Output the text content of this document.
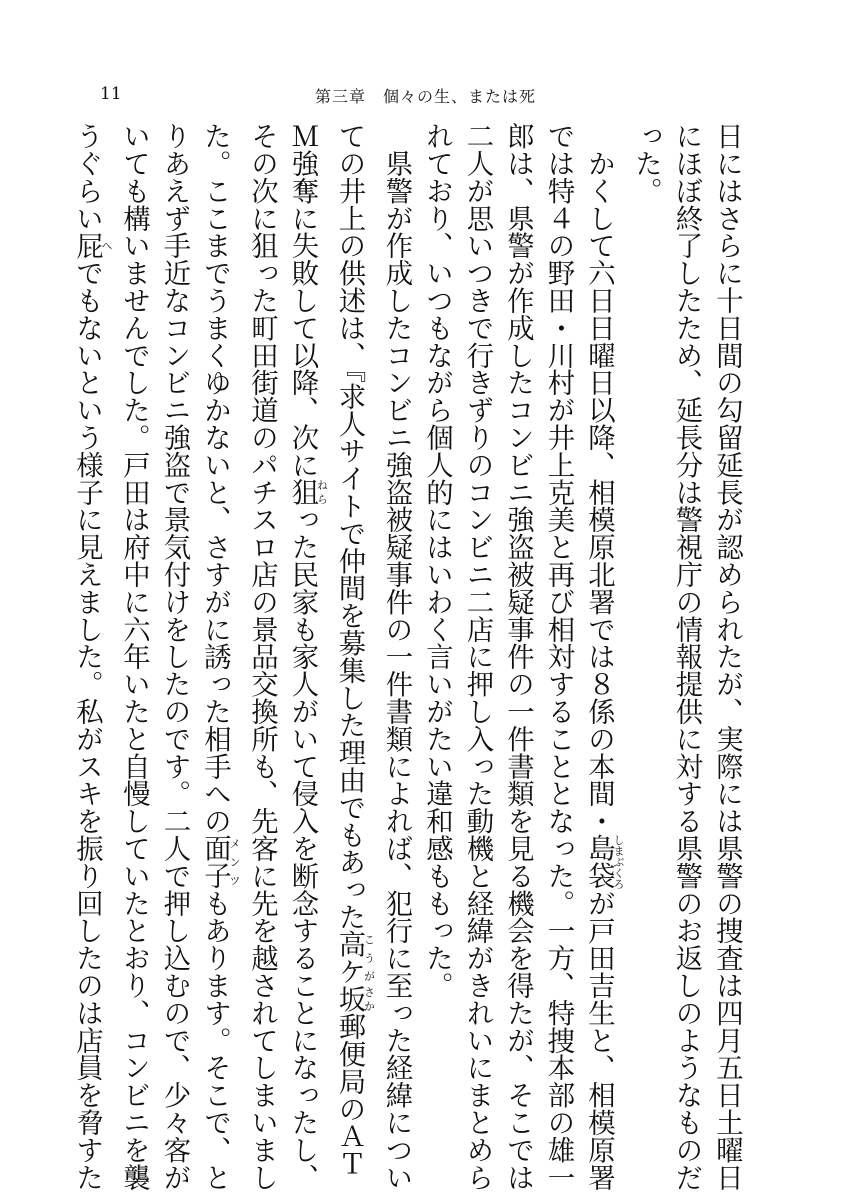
11	第三章　個々の生、または死
日にはさらに十日間の勾留延長が認められたが、実際には県警の捜査は四月五日土曜日
にほぼ終了したため、延長分は警視庁の情報提供に対する県警のお返しのようなものだ
った。
　かくして六日日曜日以降、相模原北署では８係の本間・島袋しまぶくろが戸田吉生と、相模原署
では特４の野田・川村が井上克美と再び相対することとなった。一方、特捜本部の雄一
郎は、県警が作成したコンビニ強盗被疑事件の一件書類を見る機会を得たが、そこでは
二人が思いつきで行きずりのコンビニ二店に押し入った動機と経緯がきれいにまとめら
れており、いつもながら個人的にはいわく言いがたい違和感ももった。
　県警が作成したコンビニ強盗被疑事件の一件書類によれば、犯行に至った経緯につい
ての井上の供述は、『求人サイトで仲間を募集した理由でもあった高ケこうが坂さか郵便局のＡＴ
Ｍ強奪に失敗して以降、次に狙ねらった民家も家人がいて侵入を断念することになったし、
その次に狙った町田街道のパチスロ店の景品交換所も、先客に先を越されてしまいまし
た。ここまでうまくゆかないと、さすがに誘った相手への面子メンツもあります。そこで、と
りあえず手近なコンビニ強盗で景気付けをしたのです。二人で押し込むので、少々客が
いても構いませんでした。戸田は府中に六年いたと自慢していたとおり、コンビニを襲
うぐらい屁へでもないという様子に見えました。私がスキを振り回したのは店員を脅すた
